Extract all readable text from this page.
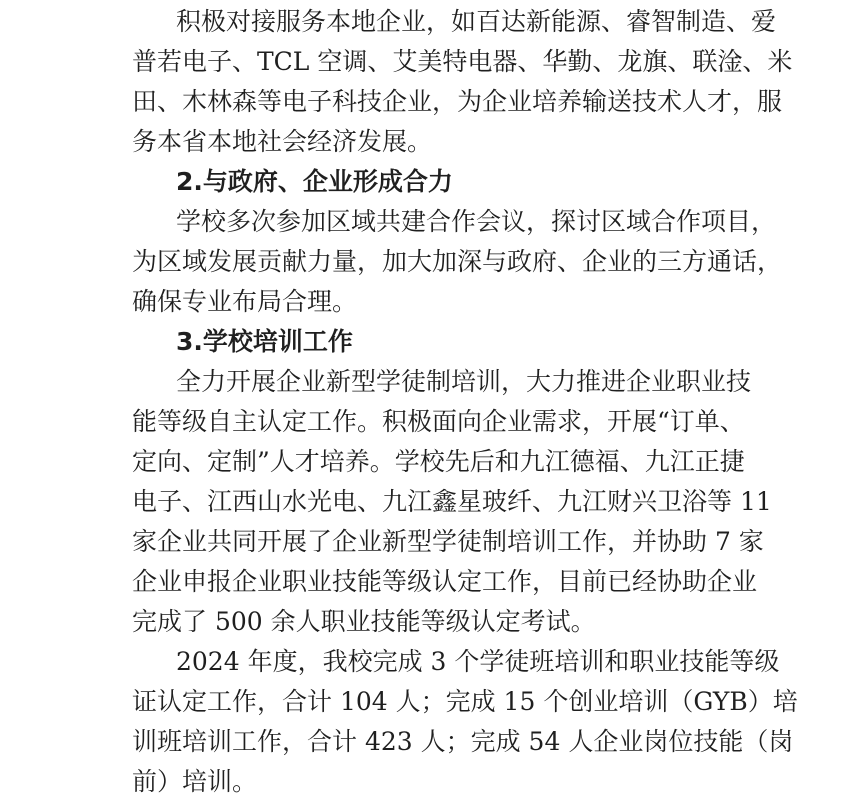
积极对接服务本地企业，如百达新能源、睿智制造、爱
普若电子、TCL 空调、艾美特电器、华勤、龙旗、联淦、米
田、木林森等电子科技企业，为企业培养输送技术人才，服
务本省本地社会经济发展。
2.与政府、企业形成合力
学校多次参加区域共建合作会议，探讨区域合作项目，
为区域发展贡献力量，加大加深与政府、企业的三方通话，
确保专业布局合理。
3.学校培训工作
全力开展企业新型学徒制培训，大力推进企业职业技
能等级自主认定工作。积极面向企业需求，开展“订单、
定向、定制”人才培养。学校先后和九江德福、九江正捷
电子、江西山水光电、九江鑫星玻纤、九江财兴卫浴等 11
家企业共同开展了企业新型学徒制培训工作，并协助 7 家
企业申报企业职业技能等级认定工作，目前已经协助企业
完成了 500 余人职业技能等级认定考试。
2024 年度，我校完成 3 个学徒班培训和职业技能等级
证认定工作，合计 104 人；完成 15 个创业培训（GYB）培
训班培训工作，合计 423 人；完成 54 人企业岗位技能（岗
前）培训。
